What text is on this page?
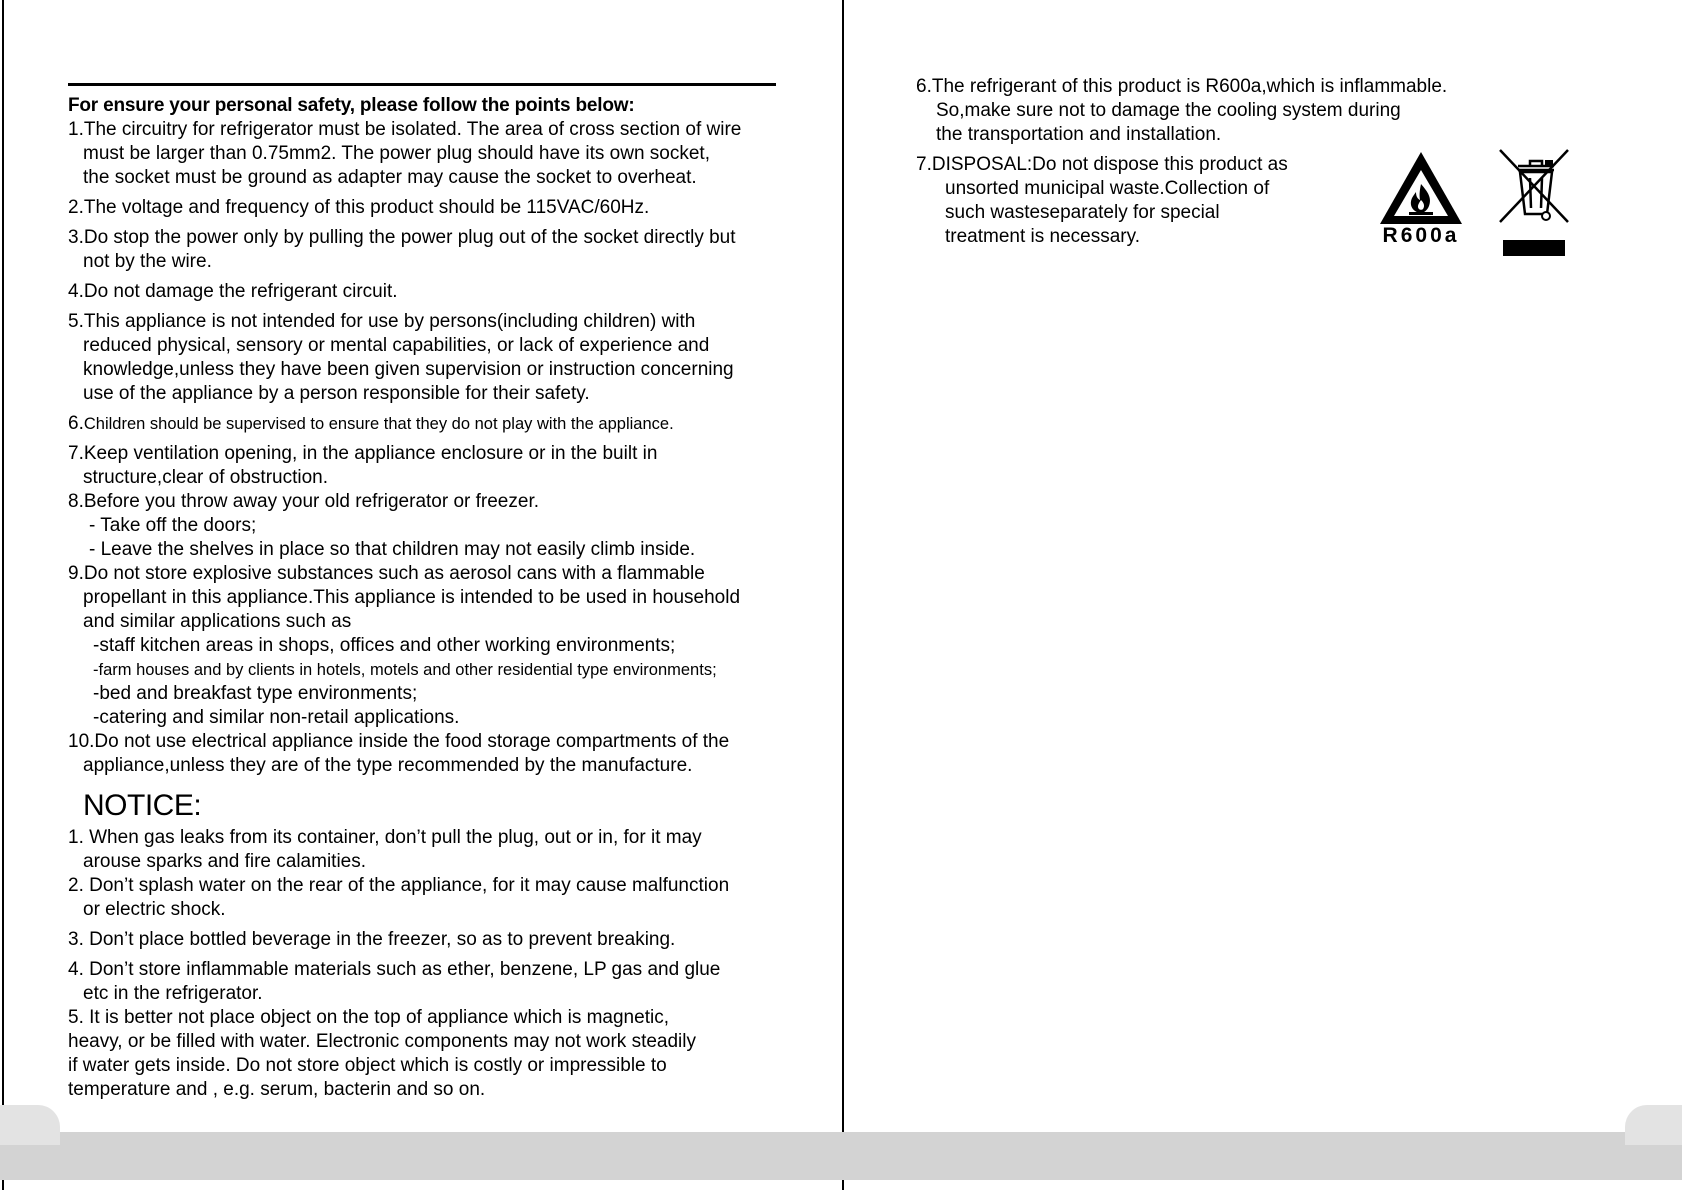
For ensure your personal safety, please follow the points below:

1.The circuitry for refrigerator must be isolated. The area of cross section of wire

must be larger than 0.75mm2. The power plug should have its own socket,

the socket must be ground as adapter may cause the socket to overheat.

2.The voltage and frequency of this product should be 115VAC/60Hz.

3.Do stop the power only by pulling the power plug out of the socket directly but

not by the wire.

4.Do not damage the refrigerant circuit.

5.This appliance is not intended for use by persons(including children) with

reduced physical, sensory or mental capabilities, or lack of experience and

knowledge,unless they have been given supervision or instruction concerning

use of the appliance by a person responsible for their safety.

6.Children should be supervised to ensure that they do not play with the appliance.

7.Keep ventilation opening, in the appliance enclosure or in the built in

structure,clear of obstruction.

8.Before you throw away your old refrigerator or freezer.

- Take off the doors;

- Leave the shelves in place so that children may not easily climb inside.

9.Do not store explosive substances such as aerosol cans with a flammable

propellant in this appliance.This appliance is intended to be used in household

and similar applications such as

-staff kitchen areas in shops, offices and other working environments;

-farm houses and by clients in hotels, motels and other residential type environments;

-bed and breakfast type environments;

-catering and similar non-retail applications.

10.Do not use electrical appliance inside the food storage compartments of the

appliance,unless they are of the type recommended by the manufacture.

NOTICE:

1. When gas leaks from its container, don’t pull the plug, out or in, for it may

arouse sparks and fire calamities.

2. Don’t splash water on the rear of the appliance, for it may cause malfunction

or electric shock.

3. Don’t place bottled beverage in the freezer, so as to prevent breaking.

4. Don’t store inflammable materials such as ether, benzene, LP gas and glue

etc in the refrigerator.

5. It is better not place object on the top of appliance which is magnetic,

heavy, or be filled with water. Electronic components may not work steadily

if water gets inside. Do not store object which is costly or impressible to

temperature and , e.g. serum, bacterin and so on.

6.The refrigerant of this product is R600a,which is inflammable.

So,make sure not to damage the cooling system during

the transportation and installation.

7.DISPOSAL:Do not dispose this product as

unsorted municipal waste.Collection of

such wasteseparately for special

treatment is necessary.	R600a
